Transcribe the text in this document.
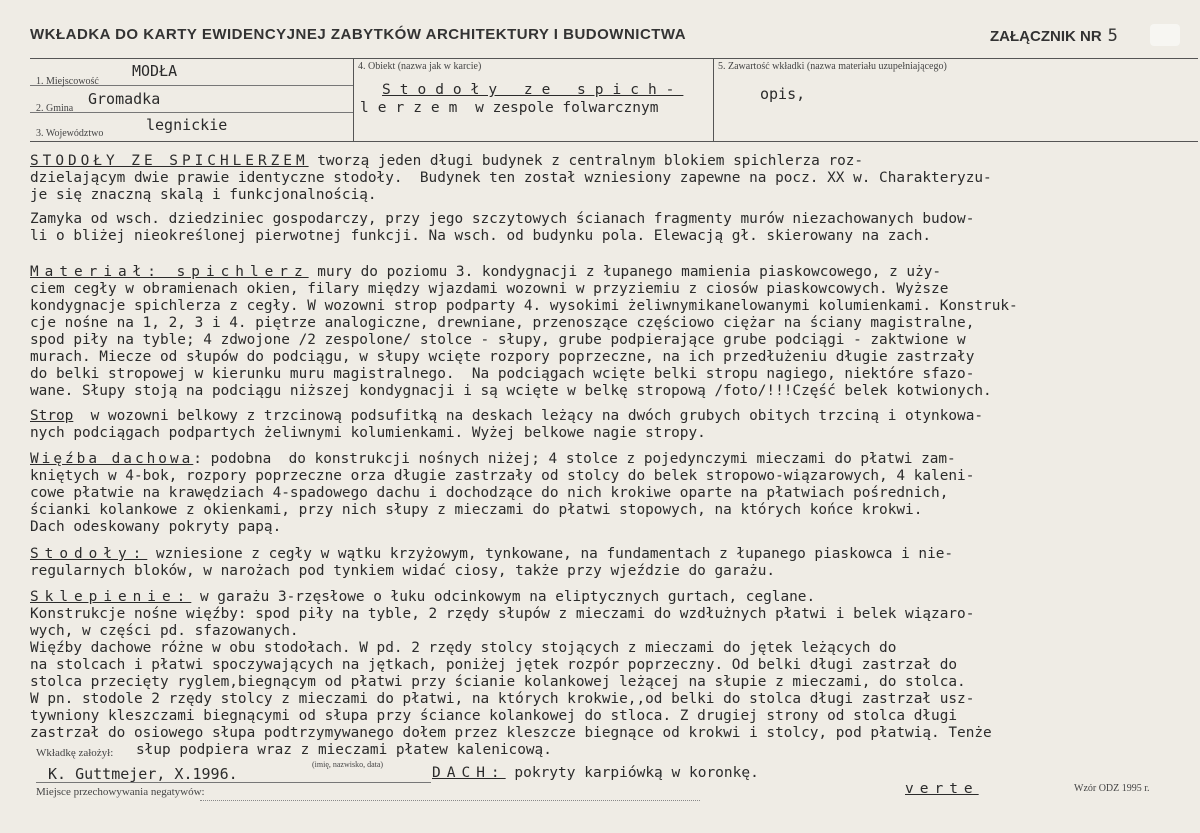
WKŁADKA DO KARTY EWIDENCYJNEJ ZABYTKÓW ARCHITEKTURY I BUDOWNICTWA	ZAŁĄCZNIK NR 5
1. Miejscowość
MODŁA
2. Gmina
Gromadka
3. Województwo	legnickie
4. Obiekt (nazwa jak w karcie)
Stodoły ze spich-
lerzem w zespole folwarcznym
5. Zawartość wkładki (nazwa materiału uzupełniającego)
opis,
STODOŁY ZE SPICHLERZEM tworzą jeden długi budynek z centralnym blokiem spichlerza roz-
dzielającym dwie prawie identyczne stodoły.  Budynek ten został wzniesiony zapewne na pocz. XX w. Charakteryzu-
je się znaczną skalą i funkcjonalnością.
Zamyka od wsch. dziedziniec gospodarczy, przy jego szczytowych ścianach fragmenty murów niezachowanych budow-
li o bliżej nieokreślonej pierwotnej funkcji. Na wsch. od budynku pola. Elewacją gł. skierowany na zach.
Materiał: spichlerz mury do poziomu 3. kondygnacji z łupanego mamienia piaskowcowego, z uży-
ciem cegły w obramienach okien, filary między wjazdami wozowni w przyziemiu z ciosów piaskowcowych. Wyższe
kondygnacje spichlerza z cegły. W wozowni strop podparty 4. wysokimi żeliwnymikanelowanymi kolumienkami. Konstruk-
cje nośne na 1, 2, 3 i 4. piętrze analogiczne, drewniane, przenoszące częściowo ciężar na ściany magistralne,
spod piły na tyble; 4 zdwojone /2 zespolone/ stolce - słupy, grube podpierające grube podciągi - zaktwione w
murach. Miecze od słupów do podciągu, w słupy wcięte rozpory poprzeczne, na ich przedłużeniu długie zastrzały
do belki stropowej w kierunku muru magistralnego.  Na podciągach wcięte belki stropu nagiego, niektóre sfazo-
wane. Słupy stoją na podciągu niższej kondygnacji i są wcięte w belkę stropową /foto/!!!Część belek kotwionych.
Strop  w wozowni belkowy z trzcinową podsufitką na deskach leżący na dwóch grubych obitych trzciną i otynkowa-
nych podciągach podpartych żeliwnymi kolumienkami. Wyżej belkowe nagie stropy.
Więźba dachowa: podobna  do konstrukcji nośnych niżej; 4 stolce z pojedynczymi mieczami do płatwi zam-
kniętych w 4-bok, rozpory poprzeczne orza długie zastrzały od stolcy do belek stropowo-wiązarowych, 4 kaleni-
cowe płatwie na krawędziach 4-spadowego dachu i dochodzące do nich krokiwe oparte na płatwiach pośrednich,
ścianki kolankowe z okienkami, przy nich słupy z mieczami do płatwi stopowych, na których końce krokwi.
Dach odeskowany pokryty papą.
Stodoły: wzniesione z cegły w wątku krzyżowym, tynkowane, na fundamentach z łupanego piaskowca i nie-
regularnych bloków, w narożach pod tynkiem widać ciosy, także przy wjeździe do garażu.
Sklepienie: w garażu 3-rzęsłowe o łuku odcinkowym na eliptycznych gurtach, ceglane.
Konstrukcje nośne więźby: spod piły na tyble, 2 rzędy słupów z mieczami do wzdłużnych płatwi i belek wiązaro-
wych, w części pd. sfazowanych.
Więźby dachowe różne w obu stodołach. W pd. 2 rzędy stolcy stojących z mieczami do jętek leżących do
na stolcach i płatwi spoczywających na jętkach, poniżej jętek rozpór poprzeczny. Od belki długi zastrzał do
stolca przecięty ryglem,biegnącym od płatwi przy ścianie kolankowej leżącej na słupie z mieczami, do stolca.
W pn. stodole 2 rzędy stolcy z mieczami do płatwi, na których krokwie,,od belki do stolca długi zastrzał usz-
tywniony kleszczami biegnącymi od słupa przy ściance kolankowej do stloca. Z drugiej strony od stolca długi
zastrzał do osiowego słupa podtrzymywanego dołem przez kleszcze biegnące od krokwi i stolcy, pod płatwią. Tenże
słup podpiera wraz z mieczami płatew kalenicową.
Wkładkę założył:
K. Guttmejer, X.1996.
(imię, nazwisko, data)
Miejsce przechowywania negatywów:
DACH: pokryty karpiówką w koronkę.
verte	Wzór ODZ 1995 r.
